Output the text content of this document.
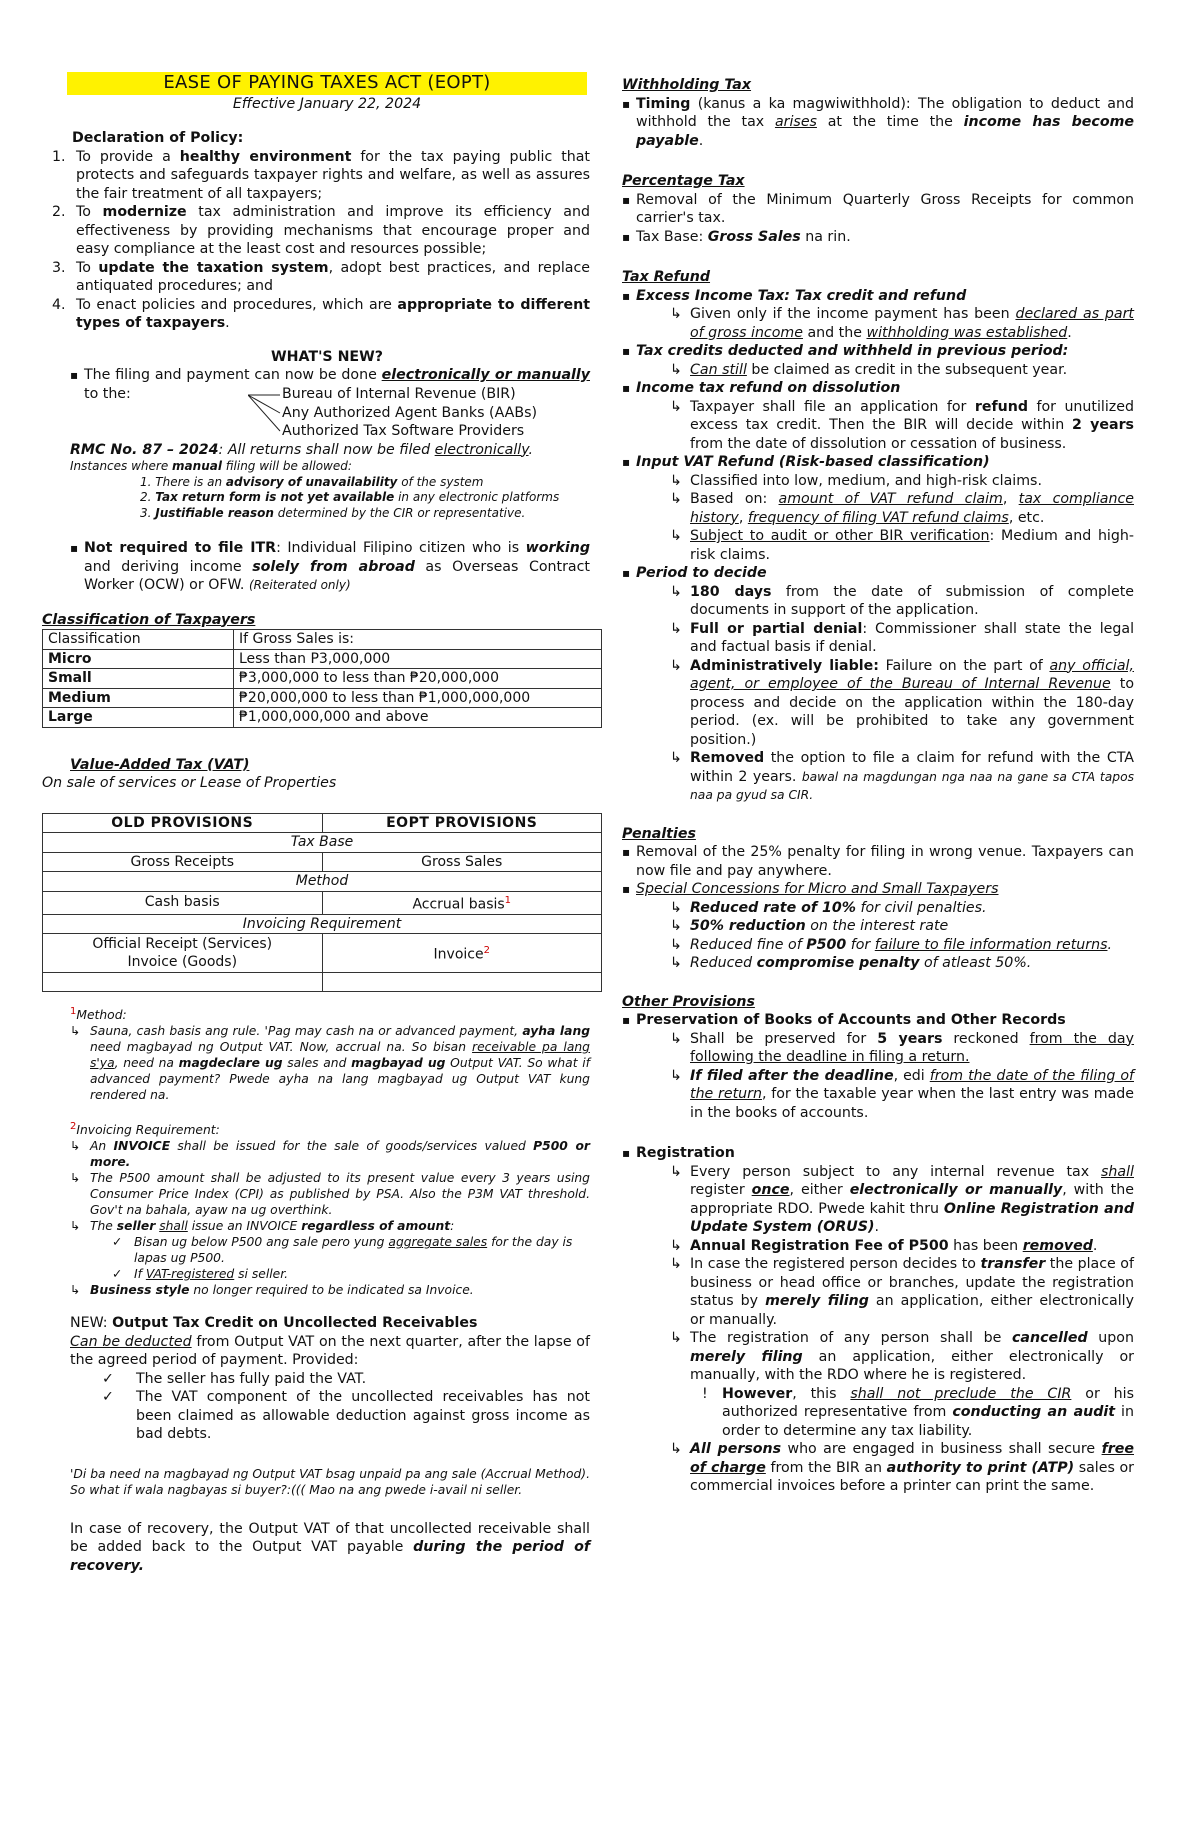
EASE OF PAYING TAXES ACT (EOPT)
Effective January 22, 2024

Declaration of Policy:

1. To provide a healthy environment for the tax paying public that protects and safeguards taxpayer rights and welfare, as well as assures the fair treatment of all taxpayers;
2. To modernize tax administration and improve its efficiency and effectiveness by providing mechanisms that encourage proper and easy compliance at the least cost and resources possible;
3. To update the taxation system, adopt best practices, and replace antiquated procedures; and
4. To enact policies and procedures, which are appropriate to different types of taxpayers.

WHAT'S NEW?

▪ The filing and payment can now be done electronically or manually to the:	Bureau of Internal Revenue (BIR)
Any Authorized Agent Banks (AABs)
Authorized Tax Software Providers

RMC No. 87 – 2024: All returns shall now be filed electronically.

Instances where manual filing will be allowed:

1. There is an advisory of unavailability of the system
2. Tax return form is not yet available in any electronic platforms
3. Justifiable reason determined by the CIR or representative.
▪ Not required to file ITR: Individual Filipino citizen who is working and deriving income solely from abroad as Overseas Contract Worker (OCW) or OFW. (Reiterated only)

Classification of Taxpayers

Classification	If Gross Sales is:
Micro	Less than P3,000,000
Small	₱3,000,000 to less than ₱20,000,000
Medium	₱20,000,000 to less than ₱1,000,000,000
Large	₱1,000,000,000 and above

Value-Added Tax (VAT)

On sale of services or Lease of Properties

OLD PROVISIONS	EOPT PROVISIONS
Tax Base	
Gross Receipts	Gross Sales
Method	
Cash basis	Accrual basis$^1$
Invoicing Requirement	

Official Receipt (Services)
Invoice (Goods)	Invoice$^2$

$^1$Method:
↳ Sauna, cash basis ang rule. 'Pag may cash na or advanced payment, ayha lang need magbayad ng Output VAT. Now, accrual na. So bisan receivable pa lang s'ya, need na magdeclare ug sales and magbayad ug Output VAT. So what if advanced payment? Pwede ayha na lang magbayad ug Output VAT kung rendered na.
$^2$Invoicing Requirement:
↳ An INVOICE shall be issued for the sale of goods/services valued P500 or more.
↳ The P500 amount shall be adjusted to its present value every 3 years using Consumer Price Index (CPI) as published by PSA. Also the P3M VAT threshold. Gov't na bahala, ayaw na ug overthink.
↳ The seller shall issue an INVOICE regardless of amount:
✓ Bisan ug below P500 ang sale pero yung aggregate sales for the day is lapas ug P500.
✓ If VAT-registered si seller.
↳ Business style no longer required to be indicated sa Invoice.

NEW: Output Tax Credit on Uncollected Receivables

Can be deducted from Output VAT on the next quarter, after the lapse of the agreed period of payment. Provided:

✓ The seller has fully paid the VAT.
✓ The VAT component of the uncollected receivables has not been claimed as allowable deduction against gross income as bad debts.

'Di ba need na magbayad ng Output VAT bsag unpaid pa ang sale (Accrual Method). So what if wala nagbayas si buyer?:((( Mao na ang pwede i-avail ni seller.

In case of recovery, the Output VAT of that uncollected receivable shall be added back to the Output VAT payable during the period of recovery.

Withholding Tax

▪ Timing (kanus a ka magwiwithhold): The obligation to deduct and withhold the tax arises at the time the income has become payable.

Percentage Tax

▪ Removal of the Minimum Quarterly Gross Receipts for common carrier's tax.
▪ Tax Base: Gross Sales na rin.

Tax Refund

▪ Excess Income Tax: Tax credit and refund
↳ Given only if the income payment has been declared as part of gross income and the withholding was established.
▪ Tax credits deducted and withheld in previous period:
↳ Can still be claimed as credit in the subsequent year.
▪ Income tax refund on dissolution
↳ Taxpayer shall file an application for refund for unutilized excess tax credit. Then the BIR will decide within 2 years from the date of dissolution or cessation of business.
▪ Input VAT Refund (Risk-based classification)
↳ Classified into low, medium, and high-risk claims.
↳ Based on: amount of VAT refund claim, tax compliance history, frequency of filing VAT refund claims, etc.
↳ Subject to audit or other BIR verification: Medium and high-risk claims.
▪ Period to decide
↳ 180 days from the date of submission of complete documents in support of the application.
↳ Full or partial denial: Commissioner shall state the legal and factual basis if denial.
↳ Administratively liable: Failure on the part of any official, agent, or employee of the Bureau of Internal Revenue to process and decide on the application within the 180-day period. (ex. will be prohibited to take any government position.)
↳ Removed the option to file a claim for refund with the CTA within 2 years. bawal na magdungan nga naa na gane sa CTA tapos naa pa gyud sa CIR.

Penalties

▪ Removal of the 25% penalty for filing in wrong venue. Taxpayers can now file and pay anywhere.
▪ Special Concessions for Micro and Small Taxpayers
↳ Reduced rate of 10% for civil penalties.
↳ 50% reduction on the interest rate
↳ Reduced fine of P500 for failure to file information returns.
↳ Reduced compromise penalty of atleast 50%.

Other Provisions

▪ Preservation of Books of Accounts and Other Records
↳ Shall be preserved for 5 years reckoned from the day following the deadline in filing a return.
↳ If filed after the deadline, edi from the date of the filing of the return, for the taxable year when the last entry was made in the books of accounts.
▪ Registration
↳ Every person subject to any internal revenue tax shall register once, either electronically or manually, with the appropriate RDO. Pwede kahit thru Online Registration and Update System (ORUS).
↳ Annual Registration Fee of P500 has been removed.
↳ In case the registered person decides to transfer the place of business or head office or branches, update the registration status by merely filing an application, either electronically or manually.
↳ The registration of any person shall be cancelled upon merely filing an application, either electronically or manually, with the RDO where he is registered.
! However, this shall not preclude the CIR or his authorized representative from conducting an audit in order to determine any tax liability.
↳ All persons who are engaged in business shall secure free of charge from the BIR an authority to print (ATP) sales or commercial invoices before a printer can print the same.
